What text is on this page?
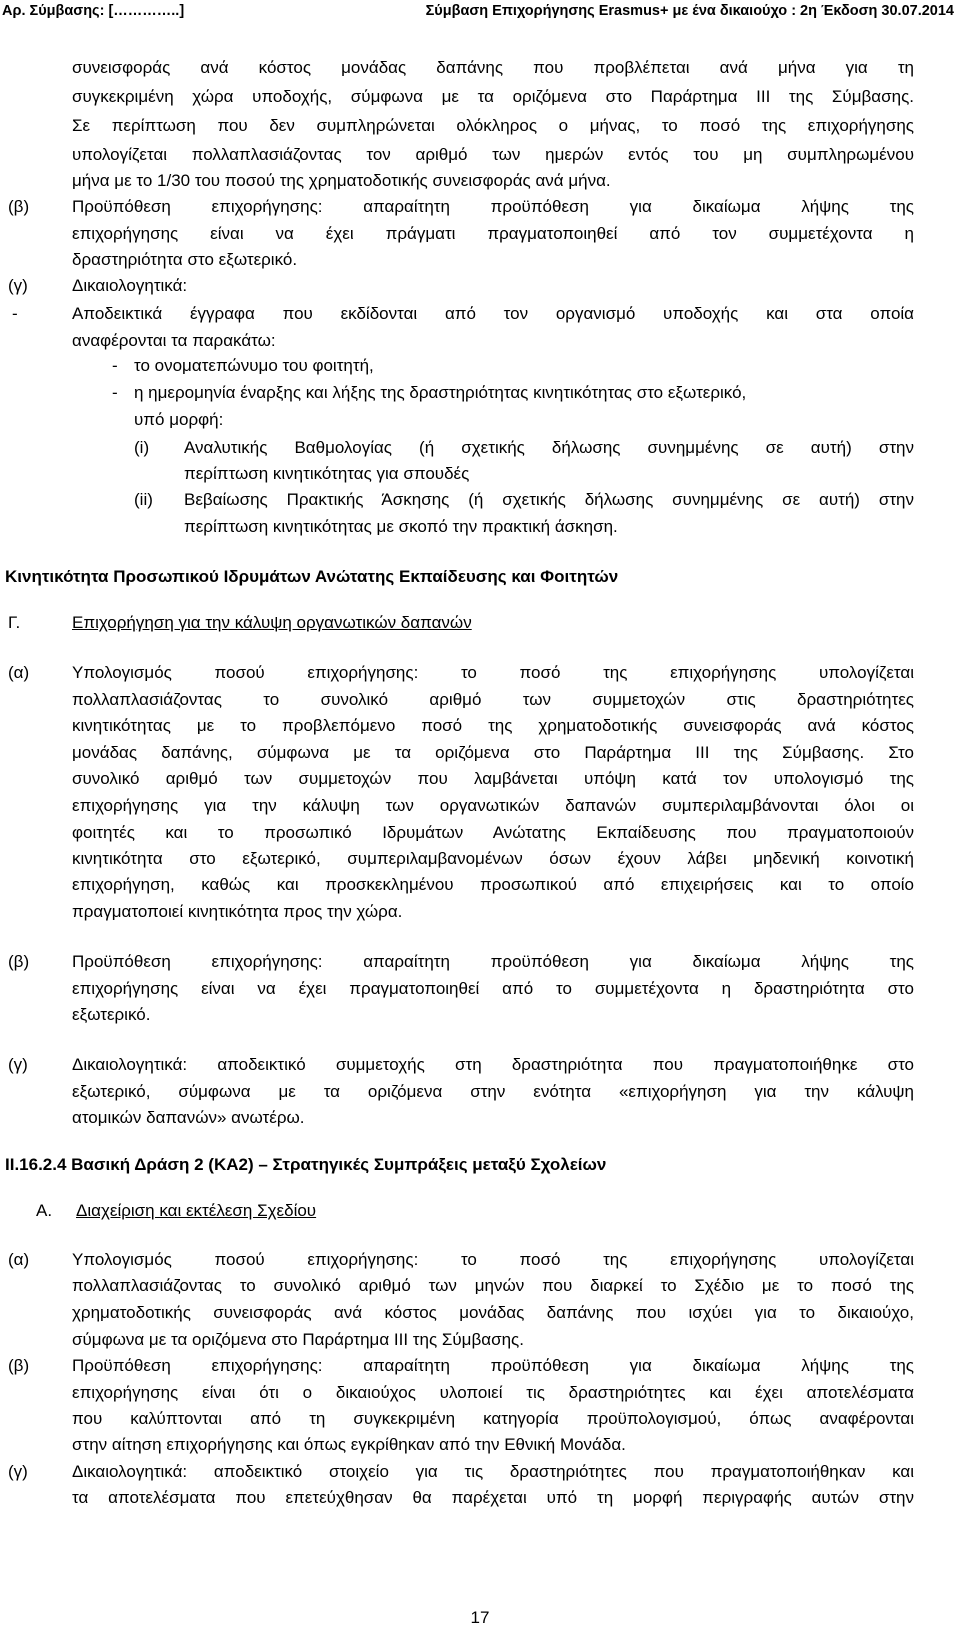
Αρ. Σύμβασης: […………..]	Σύμβαση Επιχορήγησης Erasmus+ με ένα δικαιούχο : 2η Έκδοση 30.07.2014
συνεισφοράς ανά κόστος μονάδας δαπάνης που προβλέπεται ανά μήνα για τη
συγκεκριμένη χώρα υποδοχής, σύμφωνα με τα οριζόμενα στο Παράρτημα ΙΙΙ της Σύμβασης.
Σε περίπτωση που δεν συμπληρώνεται ολόκληρος ο μήνας, το ποσό της επιχορήγησης
υπολογίζεται πολλαπλασιάζοντας τον αριθμό των ημερών εντός του μη συμπληρωμένου
μήνα με το 1/30 του ποσού της χρηματοδοτικής συνεισφοράς ανά μήνα.
(β)	Προϋπόθεση επιχορήγησης: απαραίτητη προϋπόθεση για δικαίωμα λήψης της
επιχορήγησης είναι να έχει πράγματι πραγματοποιηθεί από τον συμμετέχοντα η
δραστηριότητα στο εξωτερικό.
(γ)	Δικαιολογητικά:
-	Αποδεικτικά έγγραφα που εκδίδονται από τον οργανισμό υποδοχής και στα οποία
αναφέρονται τα παρακάτω:
- το ονοματεπώνυμο του φοιτητή,
- η ημερομηνία έναρξης και λήξης της δραστηριότητας κινητικότητας στο εξωτερικό,
υπό μορφή:
(i) Αναλυτικής Βαθμολογίας (ή σχετικής δήλωσης συνημμένης σε αυτή) στην
περίπτωση κινητικότητας για σπουδές
(ii) Βεβαίωσης Πρακτικής Άσκησης (ή σχετικής δήλωσης συνημμένης σε αυτή) στην
περίπτωση κινητικότητας με σκοπό την πρακτική άσκηση.
Κινητικότητα Προσωπικού Ιδρυμάτων Ανώτατης Εκπαίδευσης και Φοιτητών
Γ.	Επιχορήγηση για την κάλυψη οργανωτικών δαπανών
(α)	Υπολογισμός ποσού επιχορήγησης: το ποσό της επιχορήγησης υπολογίζεται
πολλαπλασιάζοντας το συνολικό αριθμό των συμμετοχών στις δραστηριότητες
κινητικότητας με το προβλεπόμενο ποσό της χρηματοδοτικής συνεισφοράς ανά κόστος
μονάδας δαπάνης, σύμφωνα με τα οριζόμενα στο Παράρτημα ΙΙΙ της Σύμβασης. Στο
συνολικό αριθμό των συμμετοχών που λαμβάνεται υπόψη κατά τον υπολογισμό της
επιχορήγησης για την κάλυψη των οργανωτικών δαπανών συμπεριλαμβάνονται όλοι οι
φοιτητές και το προσωπικό Ιδρυμάτων Ανώτατης Εκπαίδευσης που πραγματοποιούν
κινητικότητα στο εξωτερικό, συμπεριλαμβανομένων όσων έχουν λάβει μηδενική κοινοτική
επιχορήγηση, καθώς και προσκεκλημένου προσωπικού από επιχειρήσεις και το οποίο
πραγματοποιεί κινητικότητα προς την χώρα.
(β)	Προϋπόθεση επιχορήγησης: απαραίτητη προϋπόθεση για δικαίωμα λήψης της
επιχορήγησης είναι να έχει πραγματοποιηθεί από το συμμετέχοντα η δραστηριότητα στο
εξωτερικό.
(γ)	Δικαιολογητικά: αποδεικτικό συμμετοχής στη δραστηριότητα που πραγματοποιήθηκε στο
εξωτερικό, σύμφωνα με τα οριζόμενα στην ενότητα «επιχορήγηση για την κάλυψη
ατομικών δαπανών» ανωτέρω.
ΙΙ.16.2.4 Βασική Δράση 2 (ΚΑ2) – Στρατηγικές Συμπράξεις μεταξύ Σχολείων
Α. Διαχείριση και εκτέλεση Σχεδίου
(α)	Υπολογισμός ποσού επιχορήγησης: το ποσό της επιχορήγησης υπολογίζεται
πολλαπλασιάζοντας το συνολικό αριθμό των μηνών που διαρκεί το Σχέδιο με το ποσό της
χρηματοδοτικής συνεισφοράς ανά κόστος μονάδας δαπάνης που ισχύει για το δικαιούχο,
σύμφωνα με τα οριζόμενα στο Παράρτημα ΙΙΙ της Σύμβασης.
(β)	Προϋπόθεση επιχορήγησης: απαραίτητη προϋπόθεση για δικαίωμα λήψης της
επιχορήγησης είναι ότι ο δικαιούχος υλοποιεί τις δραστηριότητες και έχει αποτελέσματα
που καλύπτονται από τη συγκεκριμένη κατηγορία προϋπολογισμού, όπως αναφέρονται
στην αίτηση επιχορήγησης και όπως εγκρίθηκαν από την Εθνική Μονάδα.
(γ)	Δικαιολογητικά: αποδεικτικό στοιχείο για τις δραστηριότητες που πραγματοποιήθηκαν και
τα αποτελέσματα που επετεύχθησαν θα παρέχεται υπό τη μορφή περιγραφής αυτών στην
17
